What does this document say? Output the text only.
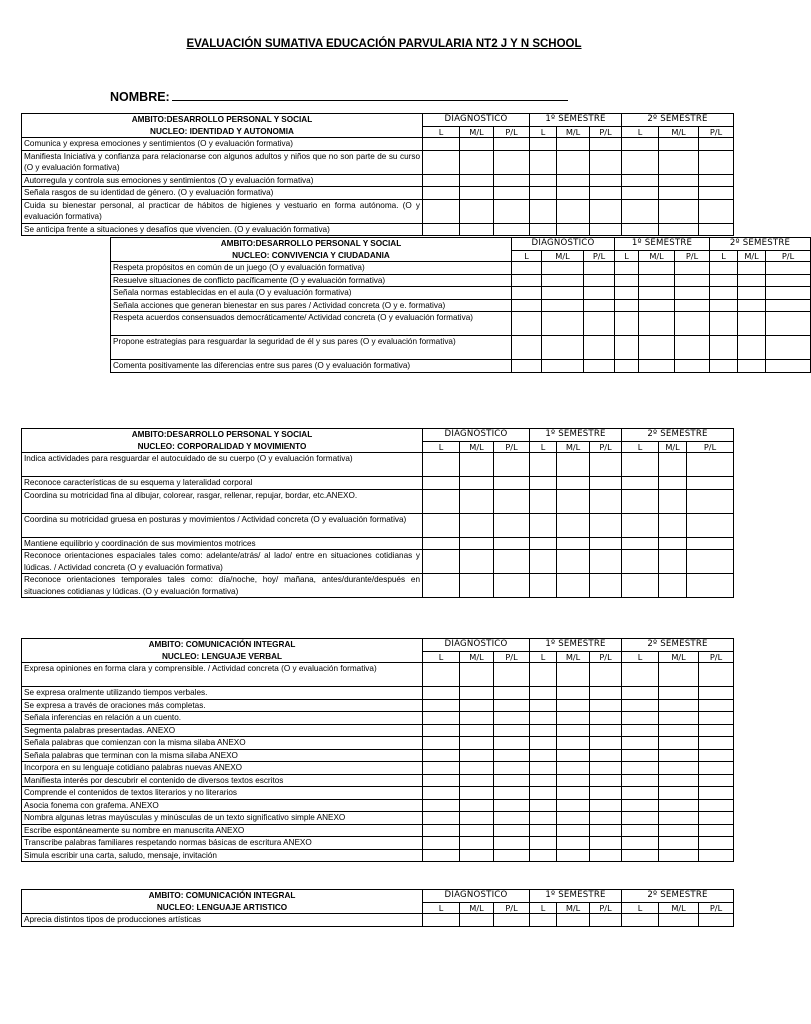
EVALUACIÓN SUMATIVA EDUCACIÓN PARVULARIA NT2 J Y N SCHOOL
NOMBRE:
AMBITO:DESARROLLO PERSONAL Y SOCIAL
NUCLEO: IDENTIDAD Y AUTONOMIA	DIAGNOSTICO			1º SEMESTRE			2º SEMESTRE		
	L	M/L	P/L	L	M/L	P/L	L	M/L	P/L
Comunica y expresa emociones y sentimientos (O y evaluación formativa)									
Manifiesta Iniciativa y confianza para relacionarse con algunos adultos y niños que no son parte de su curso (O y evaluación formativa)									
Autorregula y controla sus emociones y sentimientos (O y evaluación formativa)									
Señala rasgos de su identidad de género. (O y evaluación formativa)									
Cuida su bienestar personal, al practicar de hábitos de higienes y vestuario en forma autónoma. (O y evaluación formativa)									
Se anticipa frente a situaciones y desafíos que vivencien. (O y evaluación formativa)									
AMBITO:DESARROLLO PERSONAL Y SOCIAL
NUCLEO: CONVIVENCIA Y CIUDADANIA	DIAGNOSTICO			1º SEMESTRE			2º SEMESTRE		
	L	M/L	P/L	L	M/L	P/L	L	M/L	P/L
Respeta propósitos en común de un juego (O y evaluación formativa)									
Resuelve situaciones de conflicto pacíficamente (O y evaluación formativa)									
Señala normas establecidas en el aula (O y evaluación formativa)									
Señala acciones que generan bienestar en sus pares / Actividad concreta (O y e. formativa)									
Respeta acuerdos consensuados democráticamente/ Actividad concreta (O y evaluación formativa)									
Propone estrategias para resguardar la seguridad de él y sus pares (O y evaluación formativa)									
Comenta positivamente las diferencias entre sus pares (O y evaluación formativa)									
AMBITO:DESARROLLO PERSONAL Y SOCIAL
NUCLEO: CORPORALIDAD Y MOVIMIENTO	DIAGNOSTICO			1º SEMESTRE			2º SEMESTRE		
	L	M/L	P/L	L	M/L	P/L	L	M/L	P/L
Indica actividades para resguardar el autocuidado de su cuerpo (O y evaluación formativa)									
Reconoce características de su esquema y lateralidad corporal									
Coordina su motricidad fina al dibujar, colorear, rasgar, rellenar, repujar, bordar, etc.ANEXO.									
Coordina su motricidad gruesa en posturas y movimientos / Actividad concreta (O y evaluación formativa)									
Mantiene equilibrio y coordinación de sus movimientos motrices									
Reconoce orientaciones espaciales tales como: adelante/atrás/ al lado/ entre en situaciones cotidianas y lúdicas. / Actividad concreta (O y evaluación formativa)									
Reconoce orientaciones temporales tales como: día/noche, hoy/ mañana, antes/durante/después en situaciones cotidianas y lúdicas. (O y evaluación formativa)									
AMBITO: COMUNICACIÓN INTEGRAL
NUCLEO: LENGUAJE VERBAL	DIAGNOSTICO			1º SEMESTRE			2º SEMESTRE		
	L	M/L	P/L	L	M/L	P/L	L	M/L	P/L
Expresa opiniones en forma clara y comprensible. / Actividad concreta (O y evaluación formativa)									
Se expresa oralmente utilizando tiempos verbales.									
Se expresa a través de oraciones más completas.									
Señala inferencias en relación a un cuento.									
Segmenta palabras presentadas. ANEXO									
Señala palabras que comienzan con la misma silaba ANEXO									
Señala palabras que terminan con la misma silaba ANEXO									
Incorpora en su lenguaje cotidiano palabras nuevas ANEXO									
Manifiesta interés por descubrir el contenido de diversos textos escritos									
Comprende el contenidos de textos literarios y no literarios									
Asocia fonema con grafema. ANEXO									
Nombra algunas letras mayúsculas y minúsculas de un texto significativo simple ANEXO									
Escribe espontáneamente su nombre en manuscrita ANEXO									
Transcribe palabras familiares respetando normas básicas de escritura ANEXO									
Simula escribir una carta, saludo, mensaje, invitación									
AMBITO: COMUNICACIÓN INTEGRAL
NUCLEO: LENGUAJE ARTISTICO	DIAGNOSTICO			1º SEMESTRE			2º SEMESTRE		
	L	M/L	P/L	L	M/L	P/L	L	M/L	P/L
Aprecia distintos tipos de producciones artísticas									
